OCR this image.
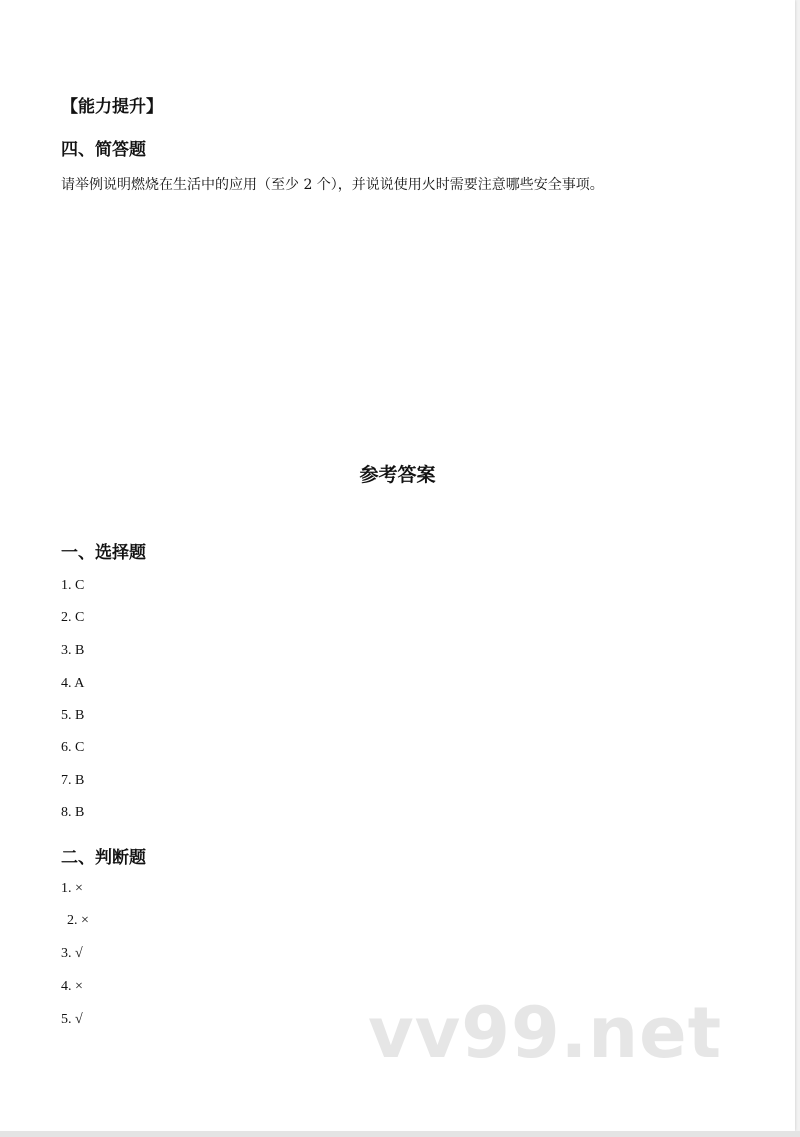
【能力提升】
四、简答题
请举例说明燃烧在生活中的应用（至少 2 个），并说说使用火时需要注意哪些安全事项。
参考答案
一、选择题
1. C
2. C
3. B
4. A
5. B
6. C
7. B
8. B
二、判断题
1. ×
2. ×
3. √
4. ×
5. √	vv99.net
